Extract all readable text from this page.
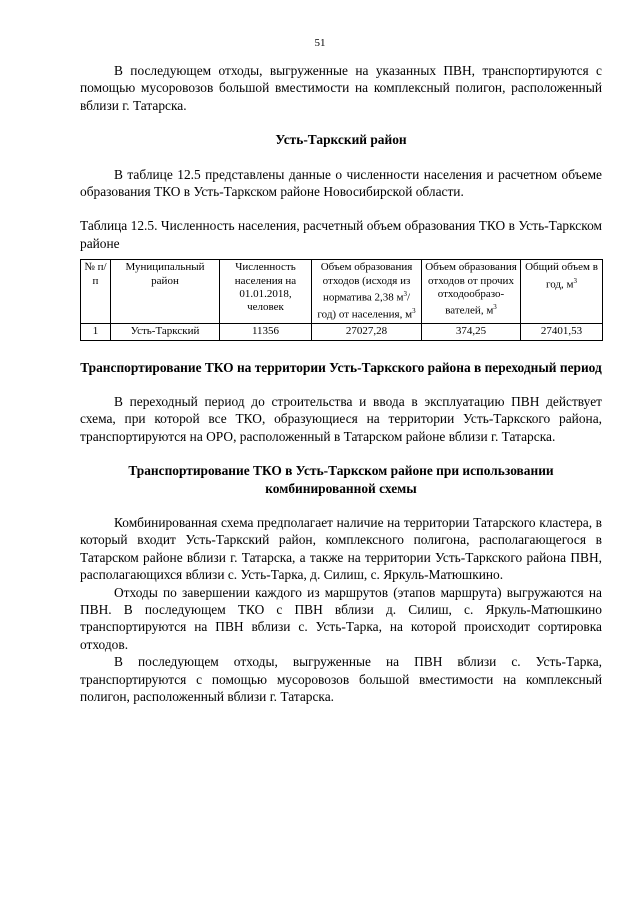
51

В последующем отходы, выгруженные на указанных ПВН, транспортируются с помощью мусоровозов большой вместимости на комплексный полигон, расположенный вблизи г. Татарска.

Усть-Таркский район

В таблице 12.5 представлены данные о численности населения и расчетном объеме образования ТКО в Усть-Таркском районе Новосибирской области.

Таблица 12.5. Численность населения, расчетный объем образования ТКО в Усть-Таркском районе

№ п/п	Муниципальный район	Численность населения на 01.01.2018, человек	Объем образования отходов (исходя из норматива 2,38 $м^3/год$) от населения, $м^3$	Объем образования отходов от прочих отходообразо-вателей, $м^3$	Общий объем в год, $м^3$
1	Усть-Таркский	11356	27027,28	374,25	27401,53
Транспортирование ТКО на территории Усть-Таркского района в переходный период

В переходный период до строительства и ввода в эксплуатацию ПВН действует схема, при которой все ТКО, образующиеся на территории Усть-Таркского района, транспортируются на ОРО, расположенный в Татарском районе вблизи г. Татарска.

Транспортирование ТКО в Усть-Таркском районе при использовании комбинированной схемы

Комбинированная схема предполагает наличие на территории Татарского кластера, в который входит Усть-Таркский район, комплексного полигона, располагающегося в Татарском районе вблизи г. Татарска, а также на территории Усть-Таркского района ПВН, располагающихся вблизи с. Усть-Тарка, д. Силиш, с. Яркуль-Матюшкино.

Отходы по завершении каждого из маршрутов (этапов маршрута) выгружаются на ПВН. В последующем ТКО с ПВН вблизи д. Силиш, с. Яркуль-Матюшкино транспортируются на ПВН вблизи с. Усть-Тарка, на которой происходит сортировка отходов.

В последующем отходы, выгруженные на ПВН вблизи с. Усть-Тарка, транспортируются с помощью мусоровозов большой вместимости на комплексный полигон, расположенный вблизи г. Татарска.
